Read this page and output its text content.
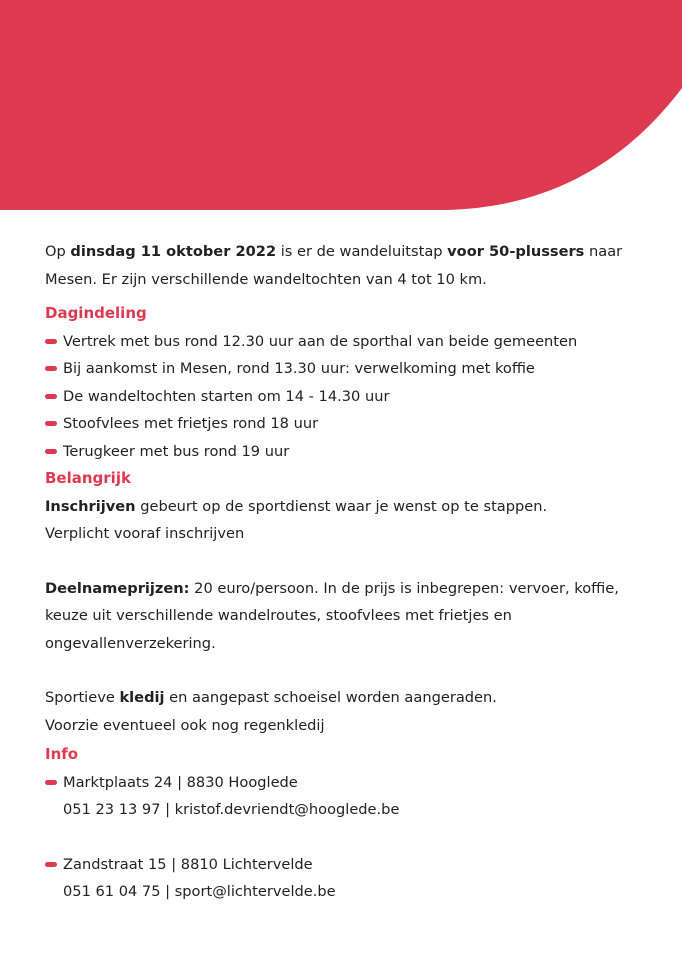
Op dinsdag 11 oktober 2022 is er de wandeluitstap voor 50-plussers naar Mesen. Er zijn verschillende wandeltochten van 4 tot 10 km.

Dagindeling

Vertrek met bus rond 12.30 uur aan de sporthal van beide gemeenten

Bij aankomst in Mesen, rond 13.30 uur: verwelkoming met koffie

De wandeltochten starten om 14 - 14.30 uur

Stoofvlees met frietjes rond 18 uur

Terugkeer met bus rond 19 uur

Belangrijk

Inschrijven gebeurt op de sportdienst waar je wenst op te stappen.

Verplicht vooraf inschrijven

Deelnameprijzen: 20 euro/persoon. In de prijs is inbegrepen: vervoer, koffie, keuze uit verschillende wandelroutes, stoofvlees met frietjes en ongevallenverzekering.

Sportieve kledij en aangepast schoeisel worden aangeraden.

Voorzie eventueel ook nog regenkledij

Info

Marktplaats 24 | 8830 Hooglede

051 23 13 97 | kristof.devriendt@hooglede.be

Zandstraat 15 | 8810 Lichtervelde

051 61 04 75 | sport@lichtervelde.be
